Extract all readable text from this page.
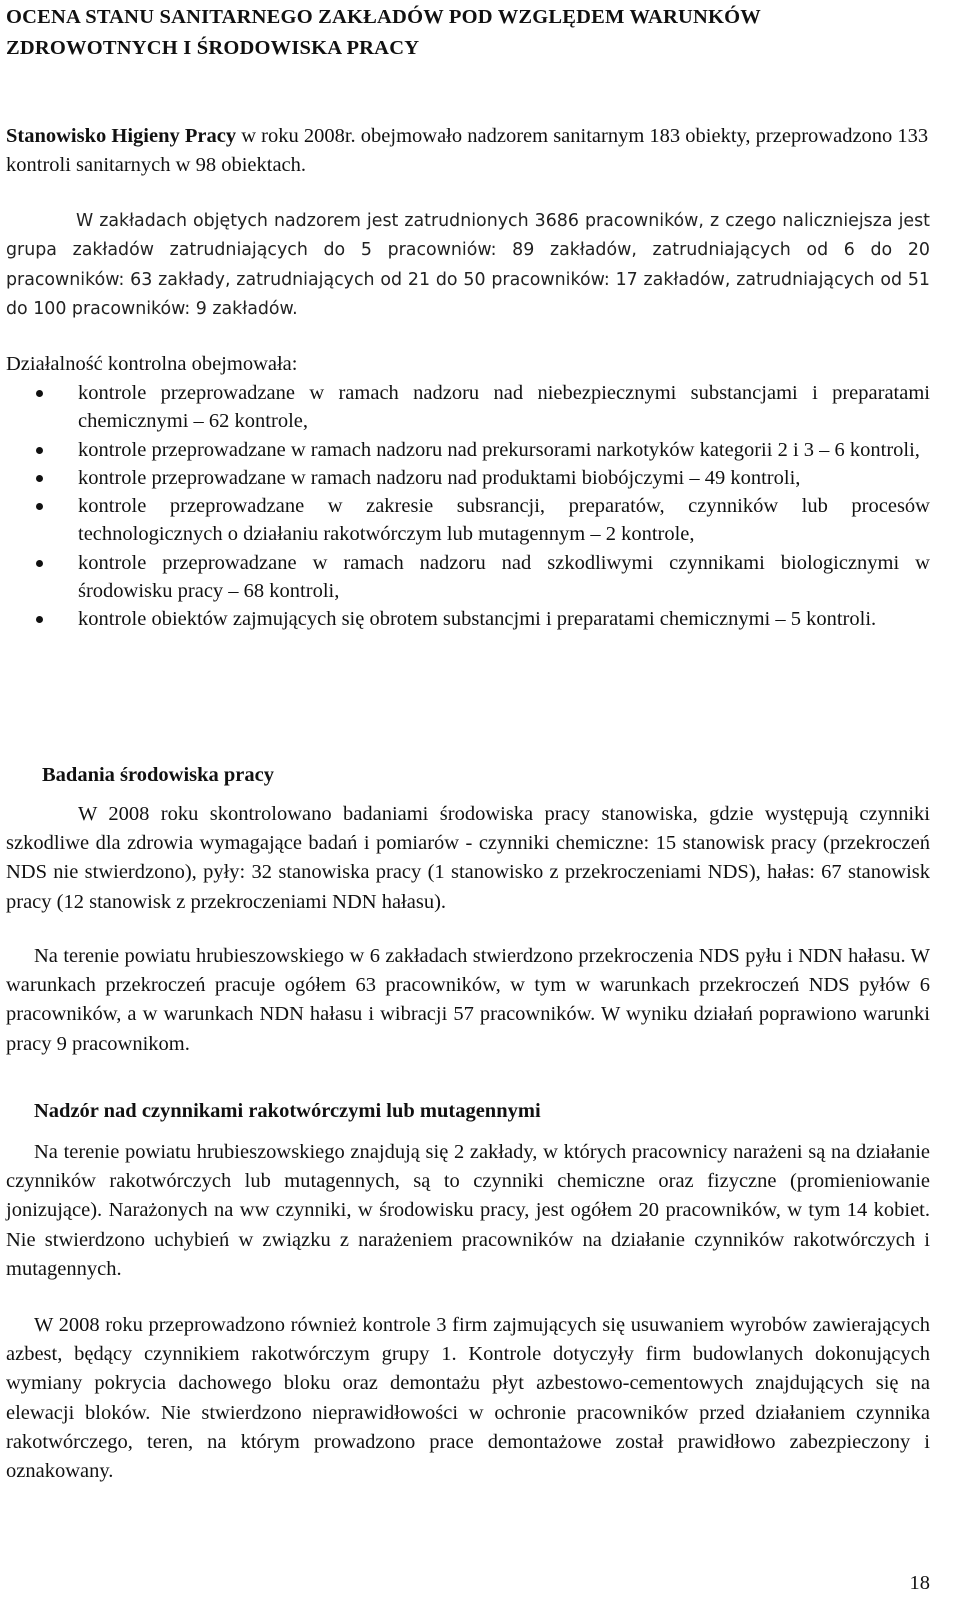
OCENA STANU SANITARNEGO ZAKŁADÓW POD WZGLĘDEM WARUNKÓW ZDROWOTNYCH I ŚRODOWISKA PRACY
Stanowisko Higieny Pracy w roku 2008r. obejmowało nadzorem sanitarnym 183 obiekty, przeprowadzono 133 kontroli sanitarnych w 98 obiektach.
W zakładach objętych nadzorem jest zatrudnionych 3686 pracowników, z czego naliczniejsza jest grupa zakładów zatrudniających do 5 pracowniów: 89 zakładów, zatrudniających od 6 do 20 pracowników: 63 zakłady, zatrudniających od 21 do 50 pracowników: 17 zakładów, zatrudniających od 51 do 100 pracowników: 9 zakładów.
Działalność kontrolna obejmowała:
kontrole przeprowadzane w ramach nadzoru nad niebezpiecznymi substancjami i preparatami chemicznymi – 62 kontrole,
kontrole przeprowadzane w ramach nadzoru nad prekursorami narkotyków kategorii 2 i 3 – 6 kontroli,
kontrole przeprowadzane w ramach nadzoru nad produktami biobójczymi – 49 kontroli,
kontrole przeprowadzane w zakresie subsrancji, preparatów, czynników lub procesów technologicznych o działaniu rakotwórczym lub mutagennym – 2 kontrole,
kontrole przeprowadzane w ramach nadzoru nad szkodliwymi czynnikami biologicznymi w środowisku pracy – 68 kontroli,
kontrole obiektów zajmujących się obrotem substancjmi i preparatami chemicznymi – 5 kontroli.
Badania środowiska pracy
W 2008 roku skontrolowano badaniami środowiska pracy stanowiska, gdzie występują czynniki szkodliwe dla zdrowia wymagające badań i pomiarów - czynniki chemiczne: 15 stanowisk pracy (przekroczeń NDS nie stwierdzono), pyły: 32 stanowiska pracy (1 stanowisko z przekroczeniami NDS), hałas: 67 stanowisk pracy (12 stanowisk z przekroczeniami NDN hałasu).
Na terenie powiatu hrubieszowskiego w 6 zakładach stwierdzono przekroczenia NDS pyłu i NDN hałasu. W warunkach przekroczeń pracuje ogółem 63 pracowników, w tym w warunkach przekroczeń NDS pyłów 6 pracowników, a w warunkach NDN hałasu i wibracji 57 pracowników. W wyniku działań poprawiono warunki pracy 9 pracownikom.
Nadzór nad czynnikami rakotwórczymi lub mutagennymi
Na terenie powiatu hrubieszowskiego znajdują się 2 zakłady, w których pracownicy narażeni są na działanie czynników rakotwórczych lub mutagennych, są to czynniki chemiczne oraz fizyczne (promieniowanie jonizujące). Narażonych na ww czynniki, w środowisku pracy, jest ogółem 20 pracowników, w tym 14 kobiet. Nie stwierdzono uchybień w związku z narażeniem pracowników na działanie czynników rakotwórczych i mutagennych.
W 2008 roku przeprowadzono również kontrole 3 firm zajmujących się usuwaniem wyrobów zawierających azbest, będący czynnikiem rakotwórczym grupy 1. Kontrole dotyczyły firm budowlanych dokonujących wymiany pokrycia dachowego bloku oraz demontażu płyt azbestowo-cementowych znajdujących się na elewacji bloków. Nie stwierdzono nieprawidłowości w ochronie pracowników przed działaniem czynnika rakotwórczego, teren, na którym prowadzono prace demontażowe został prawidłowo zabezpieczony i oznakowany.
18
